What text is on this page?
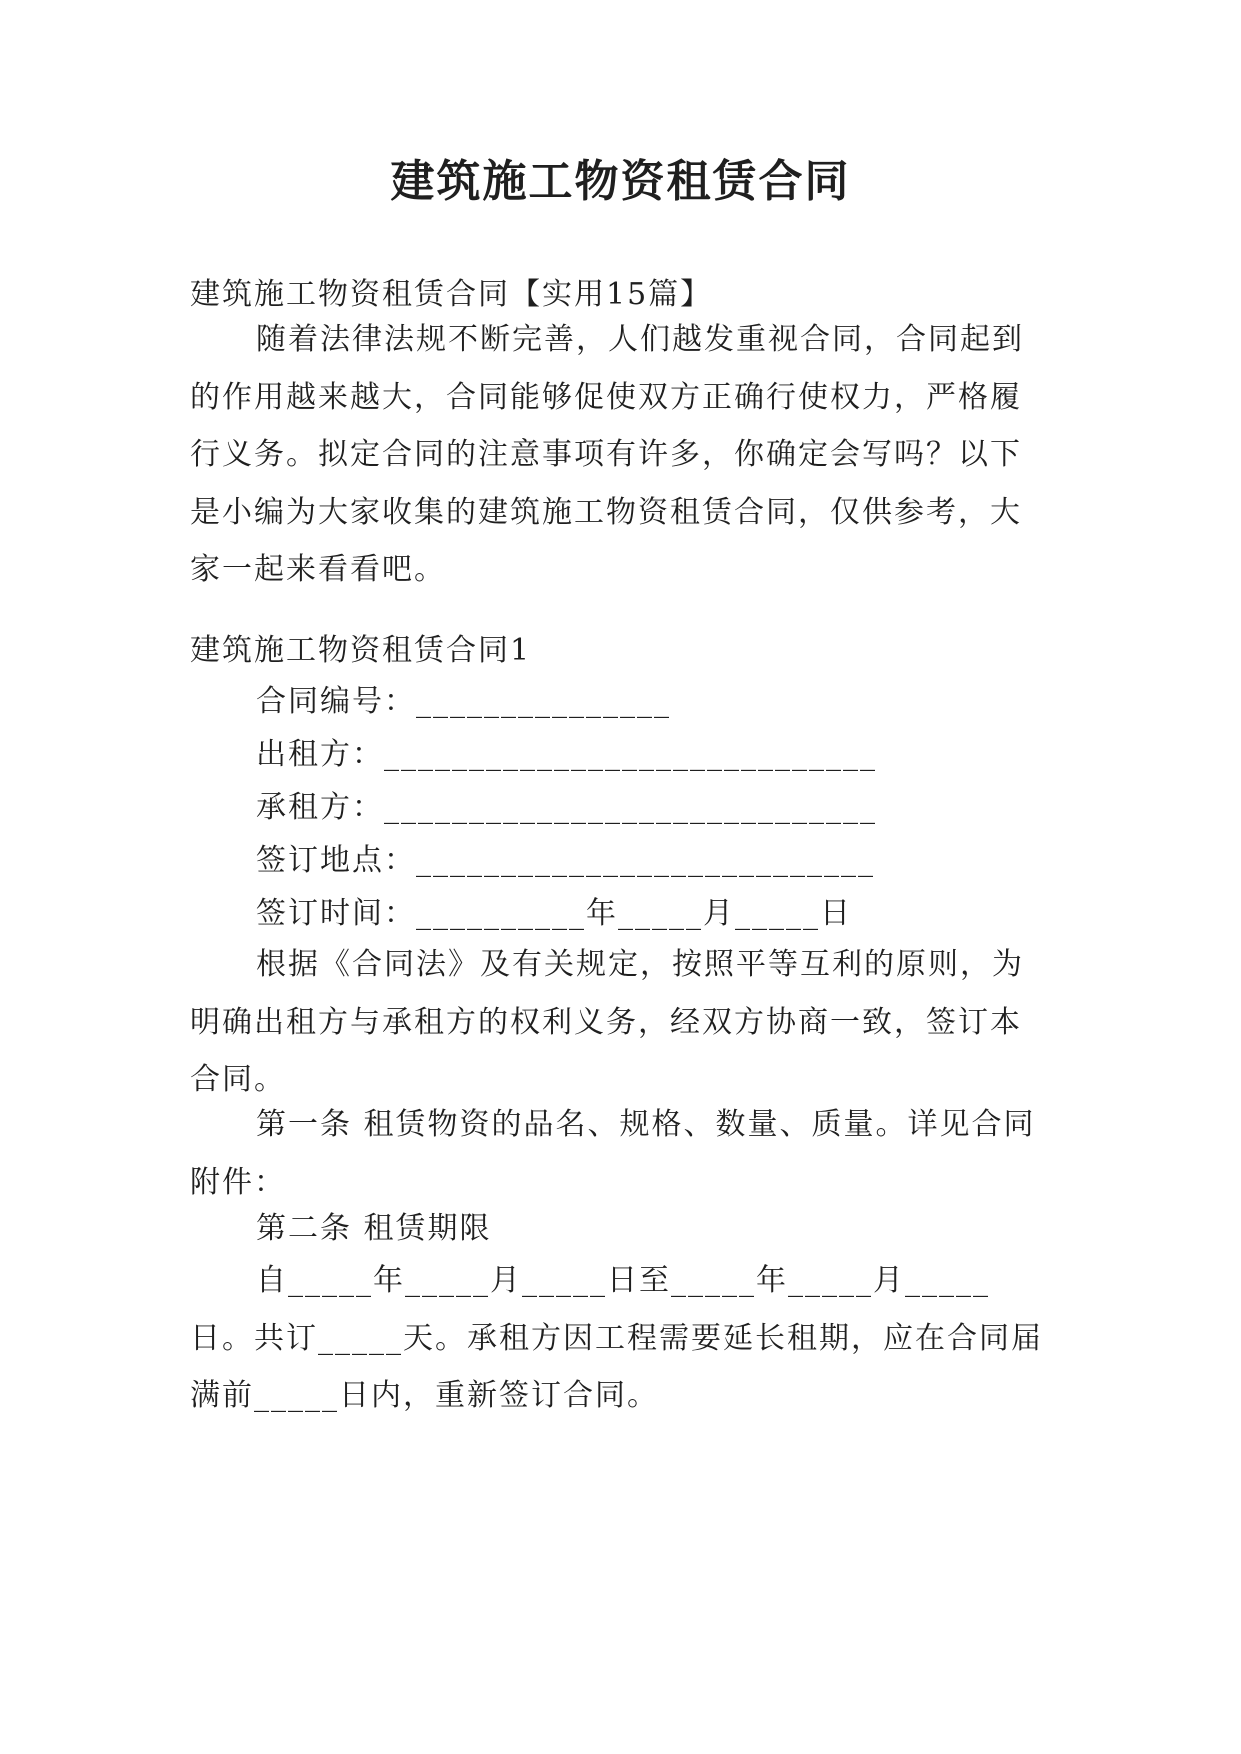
建筑施工物资租赁合同
建筑施工物资租赁合同【实用15篇】
随着法律法规不断完善，人们越发重视合同，合同起到的作用越来越大，合同能够促使双方正确行使权力，严格履行义务。拟定合同的注意事项有许多，你确定会写吗？以下是小编为大家收集的建筑施工物资租赁合同，仅供参考，大家一起来看看吧。
建筑施工物资租赁合同1
合同编号：_______________
出租方：_____________________________
承租方：_____________________________
签订地点：___________________________
签订时间：__________年_____月_____日
根据《合同法》及有关规定，按照平等互利的原则，为明确出租方与承租方的权利义务，经双方协商一致，签订本合同。
第一条 租赁物资的品名、规格、数量、质量。详见合同附件：
第二条 租赁期限
自_____年_____月_____日至_____年_____月_____日。共订_____天。承租方因工程需要延长租期，应在合同届满前_____日内，重新签订合同。
